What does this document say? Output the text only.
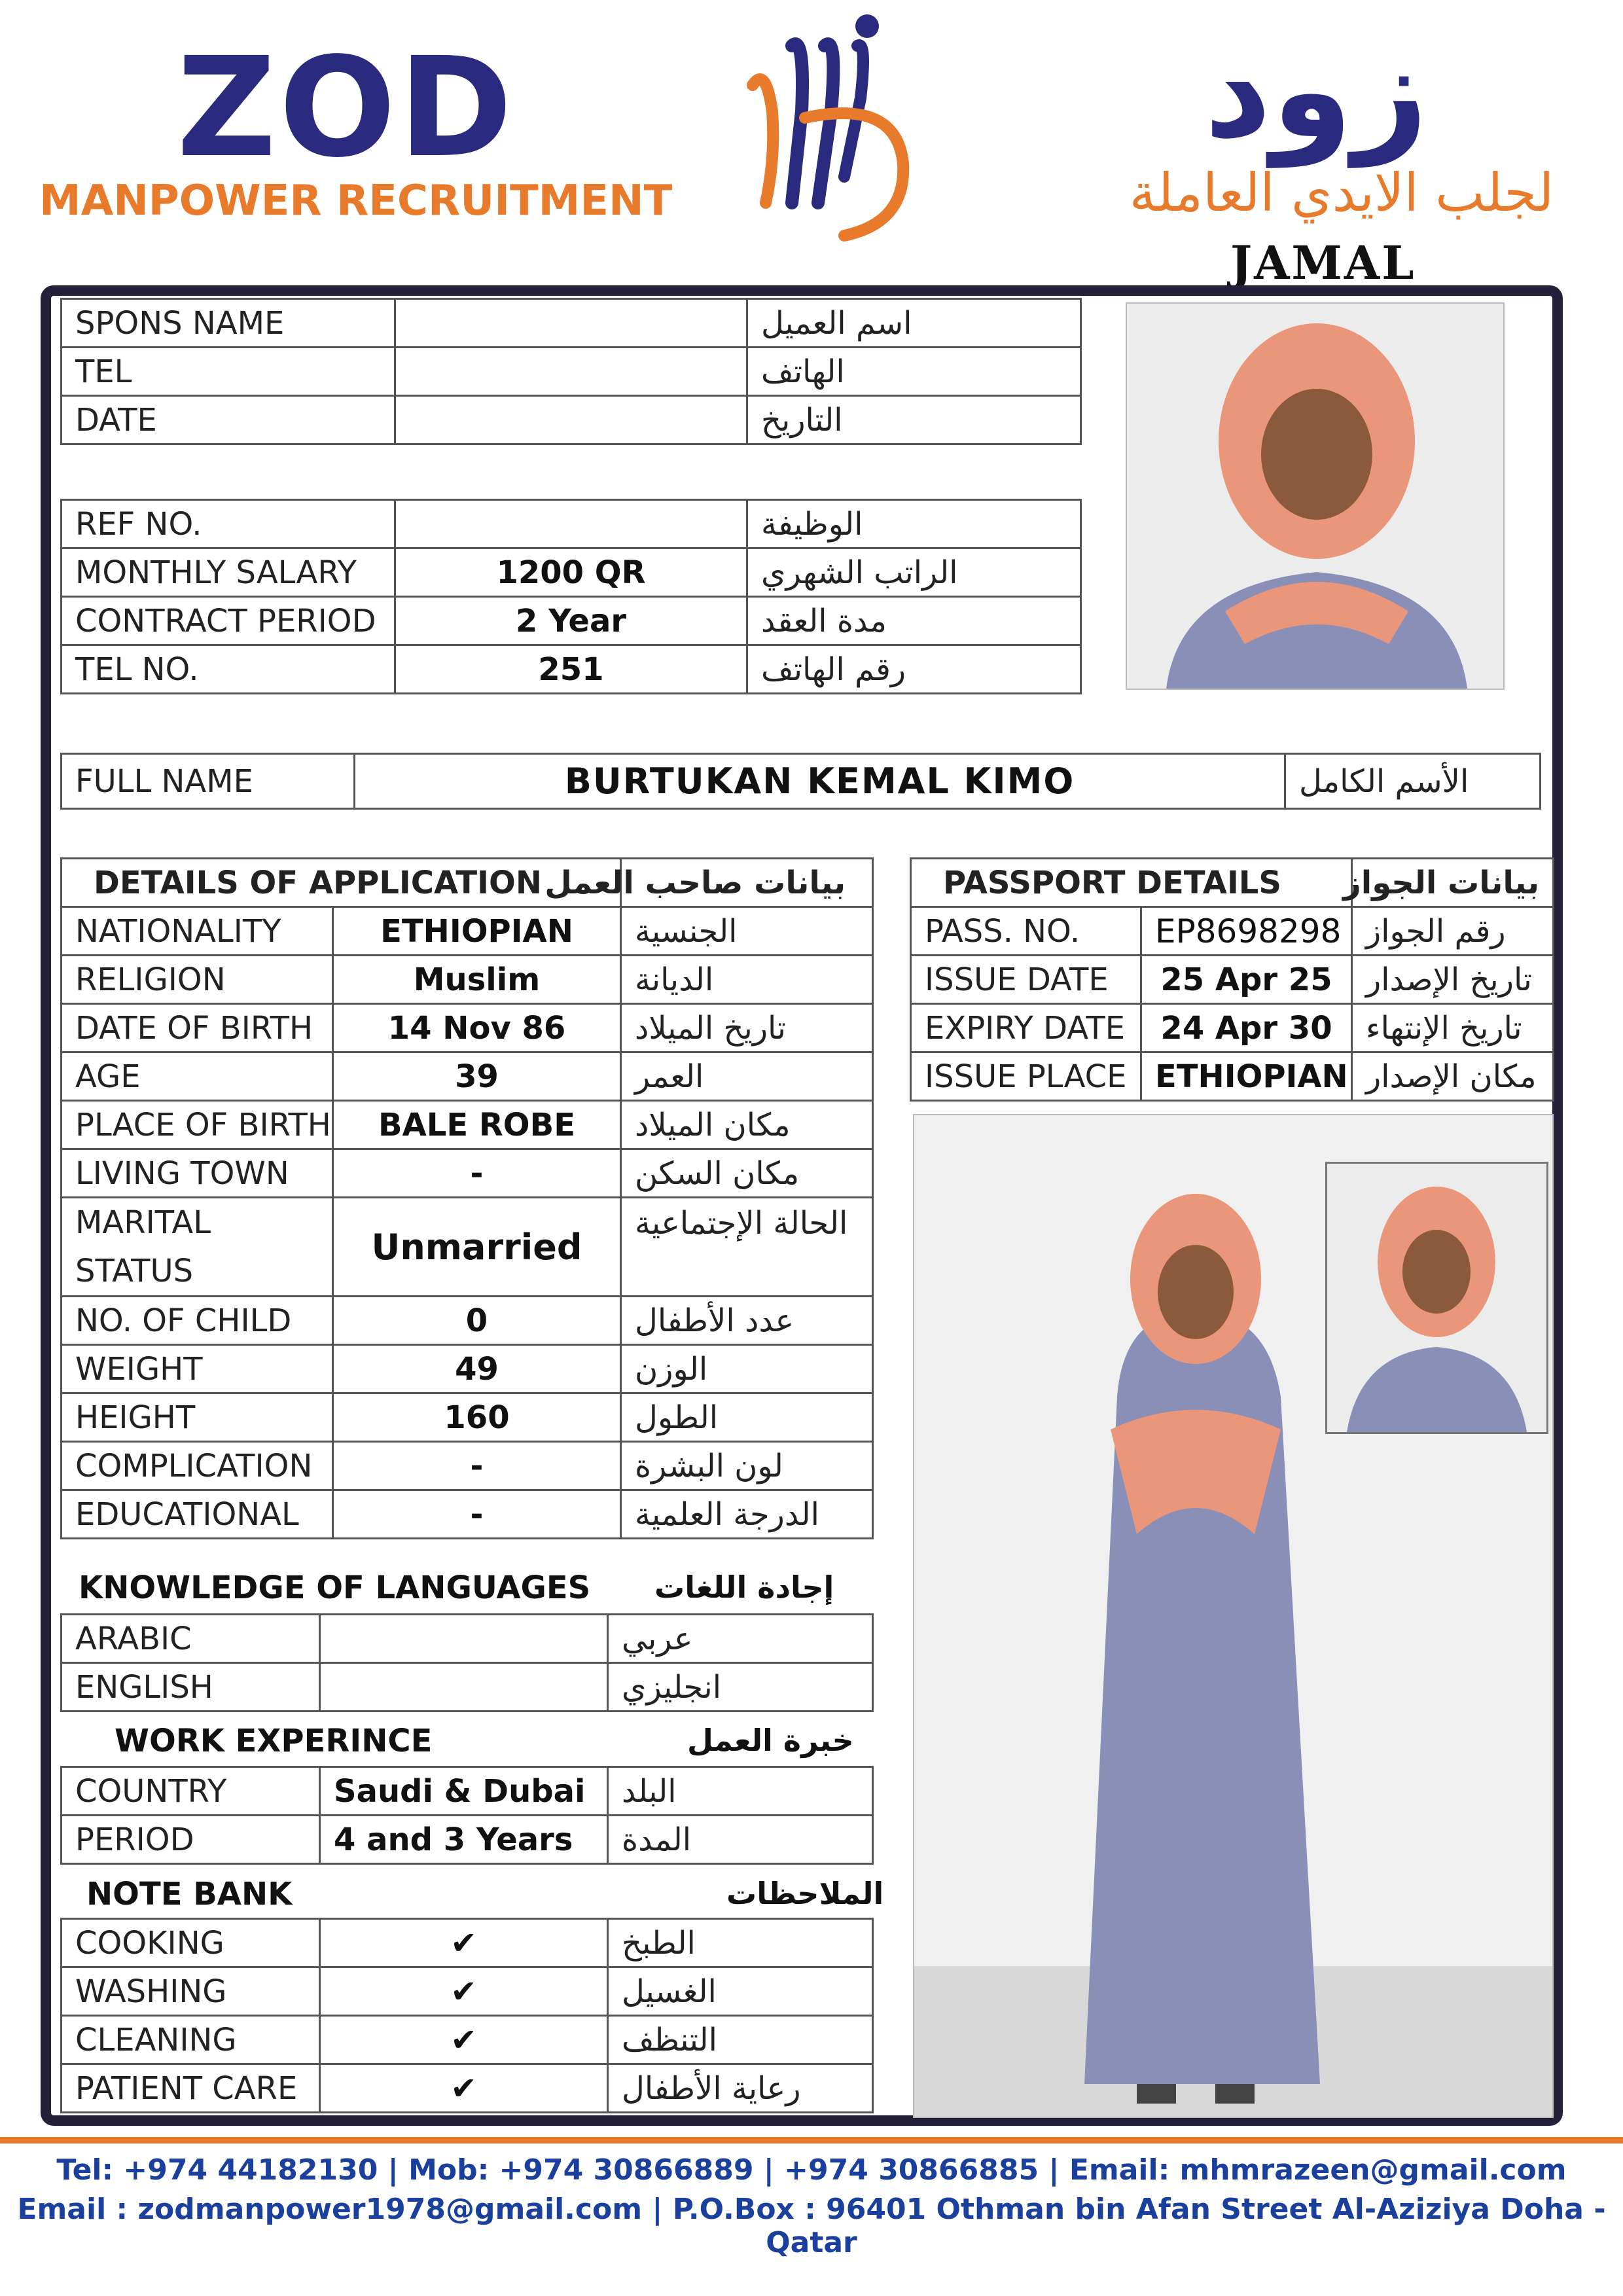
ZOD
MANPOWER RECRUITMENT
زود
لجلب الايدي العاملة
JAMAL
SPONS NAME		اسم العميل
TEL		الهاتف
DATE		التاريخ
REF NO.		الوظيفة
MONTHLY SALARY	1200 QR	الراتب الشهري
CONTRACT PERIOD	2 Year	مدة العقد
TEL NO.	251	رقم الهاتف
FULL NAME	BURTUKAN KEMAL KIMO	الأسم الكامل
DETAILS OF APPLICATION		بيانات صاحب العمل
NATIONALITY	ETHIOPIAN	الجنسية
RELIGION	Muslim	الديانة
DATE OF BIRTH	14 Nov 86	تاريخ الميلاد
AGE	39	العمر
PLACE OF BIRTH	BALE ROBE	مكان الميلاد
LIVING TOWN	-	مكان السكن
MARITAL
STATUS	Unmarried	الحالة الإجتماعية
NO. OF CHILD	0	عدد الأطفال
WEIGHT	49	الوزن
HEIGHT	160	الطول
COMPLICATION	-	لون البشرة
EDUCATIONAL	-	الدرجة العلمية
KNOWLEDGE OF LANGUAGES إجادة اللغات
ARABIC		عربي
ENGLISH		انجليزي
WORK EXPERINCE	خبرة العمل
COUNTRY	Saudi & Dubai	البلد
PERIOD	4 and 3 Years	المدة
NOTE BANK	الملاحظات
COOKING	✔	الطبخ
WASHING	✔	الغسيل
CLEANING	✔	التنظف
PATIENT CARE	✔	رعاية الأطفال
PASSPORT DETAILS		بيانات الجواز
PASS. NO.	EP8698298	رقم الجواز
ISSUE DATE	25 Apr 25	تاريخ الإصدار
EXPIRY DATE	24 Apr 30	تاريخ الإنتهاء
ISSUE PLACE	ETHIOPIAN	مكان الإصدار
Tel: +974 44182130 | Mob: +974 30866889 | +974 30866885 | Email: mhmrazeen@gmail.com
Email : zodmanpower1978@gmail.com | P.O.Box : 96401 Othman bin Afan Street Al-Aziziya Doha - Qatar
